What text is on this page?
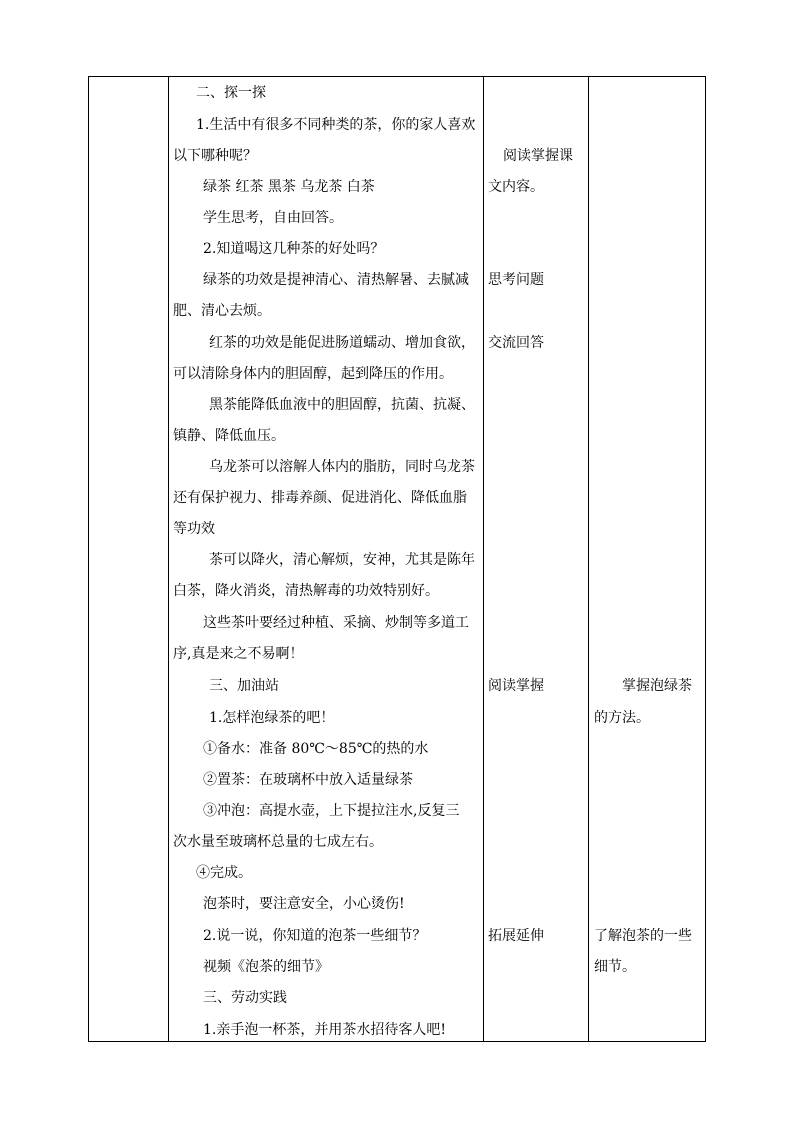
二、探一探
1.生活中有很多不同种类的茶，你的家人喜欢
以下哪种呢？
绿茶 红茶 黑茶 乌龙茶 白茶
学生思考，自由回答。
2.知道喝这几种茶的好处吗？
绿茶的功效是提神清心、清热解暑、去腻减
肥、清心去烦。
红茶的功效是能促进肠道蠕动、增加食欲，
可以清除身体内的胆固醇，起到降压的作用。
黑茶能降低血液中的胆固醇，抗菌、抗凝、
镇静、降低血压。
乌龙茶可以溶解人体内的脂肪，同时乌龙茶
还有保护视力、排毒养颜、促进消化、降低血脂
等功效
茶可以降火，清心解烦，安神，尤其是陈年
白茶，降火消炎，清热解毒的功效特别好。
这些茶叶要经过种植、采摘、炒制等多道工
序,真是来之不易啊！
三、加油站
1.怎样泡绿茶的吧！
①备水：准备 80℃～85℃的热的水
②置茶：在玻璃杯中放入适量绿茶
③冲泡：高提水壶，上下提拉注水,反复三
次水量至玻璃杯总量的七成左右。
④完成。
泡茶时，要注意安全，小心烫伤!
2.说一说，你知道的泡茶一些细节？
视频《泡茶的细节》
三、劳动实践
1.亲手泡一杯茶，并用茶水招待客人吧!
阅读掌握课
文内容。
思考问题
交流回答
阅读掌握
拓展延伸
掌握泡绿茶
的方法。
了解泡茶的一些
细节。
